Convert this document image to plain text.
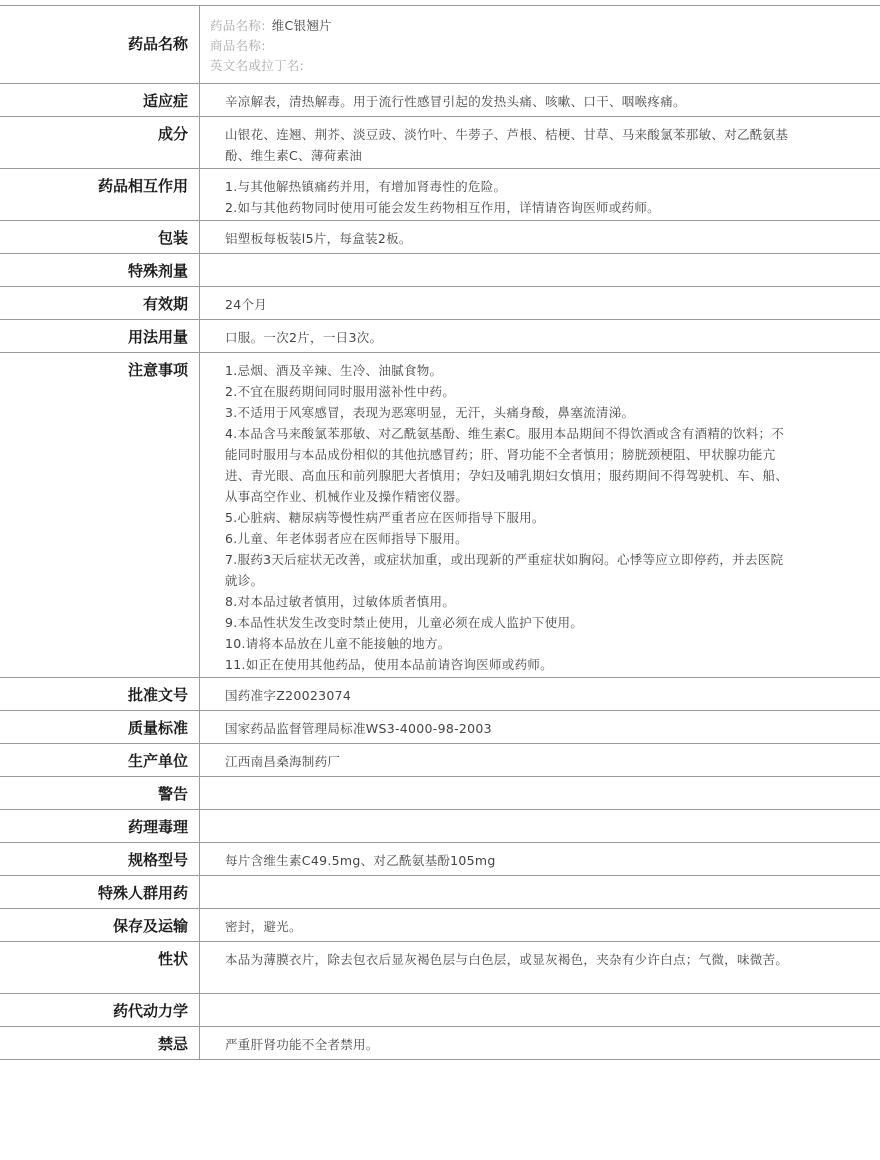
药品名称
药品名称: 维C银翘片
商品名称:
英文名或拉丁名:
适应症	辛凉解表，清热解毒。用于流行性感冒引起的发热头痛、咳嗽、口干、咽喉疼痛。
成分	山银花、连翘、荆芥、淡豆豉、淡竹叶、牛蒡子、芦根、桔梗、甘草、马来酸氯苯那敏、对乙酰氨基酚、维生素C、薄荷素油
药品相互作用	1.与其他解热镇痛药并用，有增加肾毒性的危险。
2.如与其他药物同时使用可能会发生药物相互作用，详情请咨询医师或药师。
包装	铝塑板每板装l5片，每盒装2板。
特殊剂量
有效期	24个月
用法用量	口服。一次2片，一日3次。
注意事项	1.忌烟、酒及辛辣、生冷、油腻食物。
2.不宜在服药期间同时服用滋补性中药。
3.不适用于风寒感冒，表现为恶寒明显，无汗，头痛身酸，鼻塞流清涕。
4.本品含马来酸氯苯那敏、对乙酰氨基酚、维生素C。服用本品期间不得饮酒或含有酒精的饮料；不能同时服用与本品成份相似的其他抗感冒药；肝、肾功能不全者慎用；膀胱颈梗阻、甲状腺功能亢进、青光眼、高血压和前列腺肥大者慎用；孕妇及哺乳期妇女慎用；服药期间不得驾驶机、车、船、从事高空作业、机械作业及操作精密仪器。
5.心脏病、糖尿病等慢性病严重者应在医师指导下服用。
6.儿童、年老体弱者应在医师指导下服用。
7.服药3天后症状无改善，或症状加重，或出现新的严重症状如胸闷。心悸等应立即停药，并去医院就诊。
8.对本品过敏者慎用，过敏体质者慎用。
9.本品性状发生改变时禁止使用，儿童必须在成人监护下使用。
10.请将本品放在儿童不能接触的地方。
11.如正在使用其他药品，使用本品前请咨询医师或药师。
批准文号	国药准字Z20023074
质量标准	国家药品监督管理局标准WS3-4000-98-2003
生产单位	江西南昌桑海制药厂
警告
药理毒理
规格型号	每片含维生素C49.5mg、对乙酰氨基酚105mg
特殊人群用药
保存及运输	密封，避光。
性状	本品为薄膜衣片，除去包衣后显灰褐色层与白色层，或显灰褐色，夹杂有少许白点；气微，味微苦。
药代动力学
禁忌	严重肝肾功能不全者禁用。
